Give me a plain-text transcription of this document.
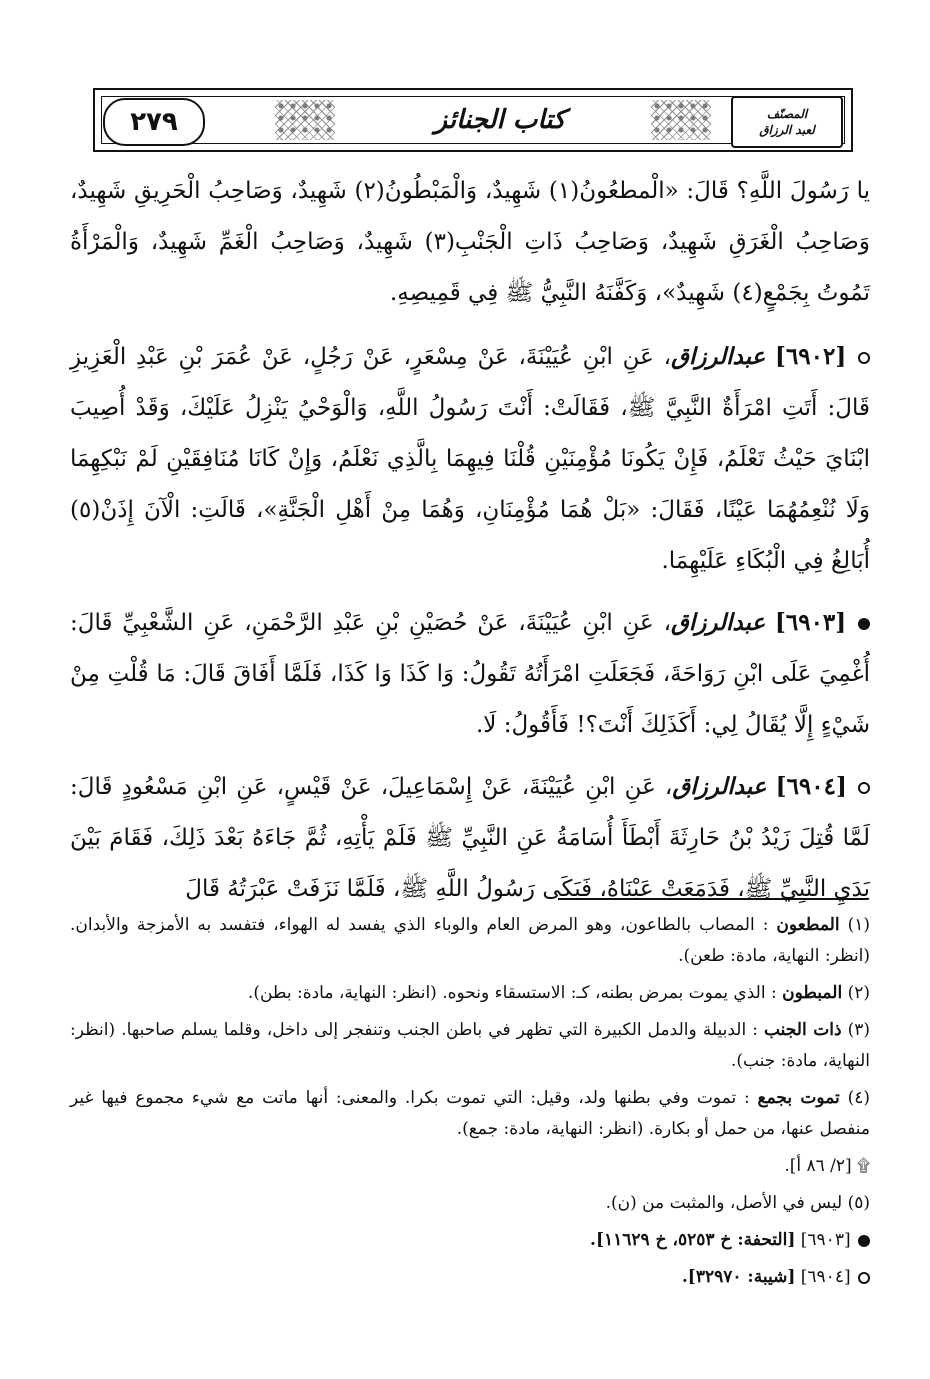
٢٧٩	كتاب الجنائز	المصنّف
لعبد الرزاق

يا رَسُولَ اللَّهِ؟ قَالَ: «الْمطعُونُ(١) شَهِيدٌ، وَالْمَبْطُونُ(٢) شَهِيدٌ، وَصَاحِبُ الْحَرِيقِ شَهِيدٌ، وَصَاحِبُ الْغَرَقِ شَهِيدٌ، وَصَاحِبُ ذَاتِ الْجَنْبِ(٣) شَهِيدٌ، وَصَاحِبُ الْغَمِّ شَهِيدٌ، وَالْمَرْأَةُ تَمُوتُ بِجَمْعٍ(٤) شَهِيدٌ»، وَكَفَّنَهُ النَّبِيُّ ﷺ فِي قَمِيصِهِ.

[٦٩٠٢] عبدالرزاق، عَنِ ابْنِ عُيَيْنَةَ، عَنْ مِسْعَرٍ، عَنْ رَجُلٍ، عَنْ عُمَرَ بْنِ عَبْدِ الْعَزِيزِ قَالَ: أَتَتِ امْرَأَةٌ النَّبِيَّ ﷺ، فَقَالَتْ: أَنْتَ رَسُولُ اللَّهِ، وَالْوَحْيُ يَنْزِلُ عَلَيْكَ، وَقَدْ أُصِيبَ ابْنَايَ حَيْثُ تَعْلَمُ، فَإِنْ يَكُونَا مُؤْمِنَيْنِ قُلْنَا فِيهِمَا بِالَّذِي نَعْلَمُ، وَإِنْ كَانَا مُنَافِقَيْنِ لَمْ نَبْكِهِمَا وَلَا نُنْعِمُهُمَا عَيْنًا، فَقَالَ: «بَلْ هُمَا مُؤْمِنَانِ، وَهُمَا مِنْ أَهْلِ الْجَنَّةِ»، قَالَتِ: الْآنَ إِذَنْ(٥) أُبَالِغُ فِي الْبُكَاءِ عَلَيْهِمَا.

[٦٩٠٣] عبدالرزاق، عَنِ ابْنِ عُيَيْنَةَ، عَنْ حُصَيْنِ بْنِ عَبْدِ الرَّحْمَنِ، عَنِ الشَّعْبِيِّ قَالَ: أُغْمِيَ عَلَى ابْنِ رَوَاحَةَ، فَجَعَلَتِ امْرَأَتُهُ تَقُولُ: وَا كَذَا وَا كَذَا، فَلَمَّا أَفَاقَ قَالَ: مَا قُلْتِ مِنْ شَيْءٍ إِلَّا يُقَالُ لِي: أَكَذَلِكَ أَنْتَ؟! فَأَقُولُ: لَا.

[٦٩٠٤] عبدالرزاق، عَنِ ابْنِ عُيَيْنَةَ، عَنْ إِسْمَاعِيلَ، عَنْ قَيْسٍ، عَنِ ابْنِ مَسْعُودٍ قَالَ: لَمَّا قُتِلَ زَيْدُ بْنُ حَارِثَةَ أَبْطَأَ أُسَامَةُ عَنِ النَّبِيِّ ﷺ فَلَمْ يَأْتِهِ، ثُمَّ جَاءَهُ بَعْدَ ذَلِكَ، فَقَامَ بَيْنَ يَدَيِ النَّبِيِّ ﷺ، فَدَمَعَتْ عَيْنَاهُ، فَبَكَى رَسُولُ اللَّهِ ﷺ، فَلَمَّا نَزَفَتْ عَبْرَتُهُ قَالَ

(١) المطعون : المصاب بالطاعون، وهو المرض العام والوباء الذي يفسد له الهواء، فتفسد به الأمزجة والأبدان. (انظر: النهاية، مادة: طعن).
(٢) المبطون : الذي يموت بمرض بطنه، كـ: الاستسقاء ونحوه. (انظر: النهاية، مادة: بطن).
(٣) ذات الجنب : الدبيلة والدمل الكبيرة التي تظهر في باطن الجنب وتنفجر إلى داخل، وقلما يسلم صاحبها. (انظر: النهاية، مادة: جنب).
(٤) تموت بجمع : تموت وفي بطنها ولد، وقيل: التي تموت بكرا. والمعنى: أنها ماتت مع شيء مجموع فيها غير منفصل عنها، من حمل أو بكارة. (انظر: النهاية، مادة: جمع).
۩ [٢/ ٨٦ أ].
(٥) ليس في الأصل، والمثبت من (ن).
[٦٩٠٣] [التحفة: خ ٥٢٥٣، خ ١١٦٢٩].
[٦٩٠٤] [شيبة: ٣٢٩٧٠].
